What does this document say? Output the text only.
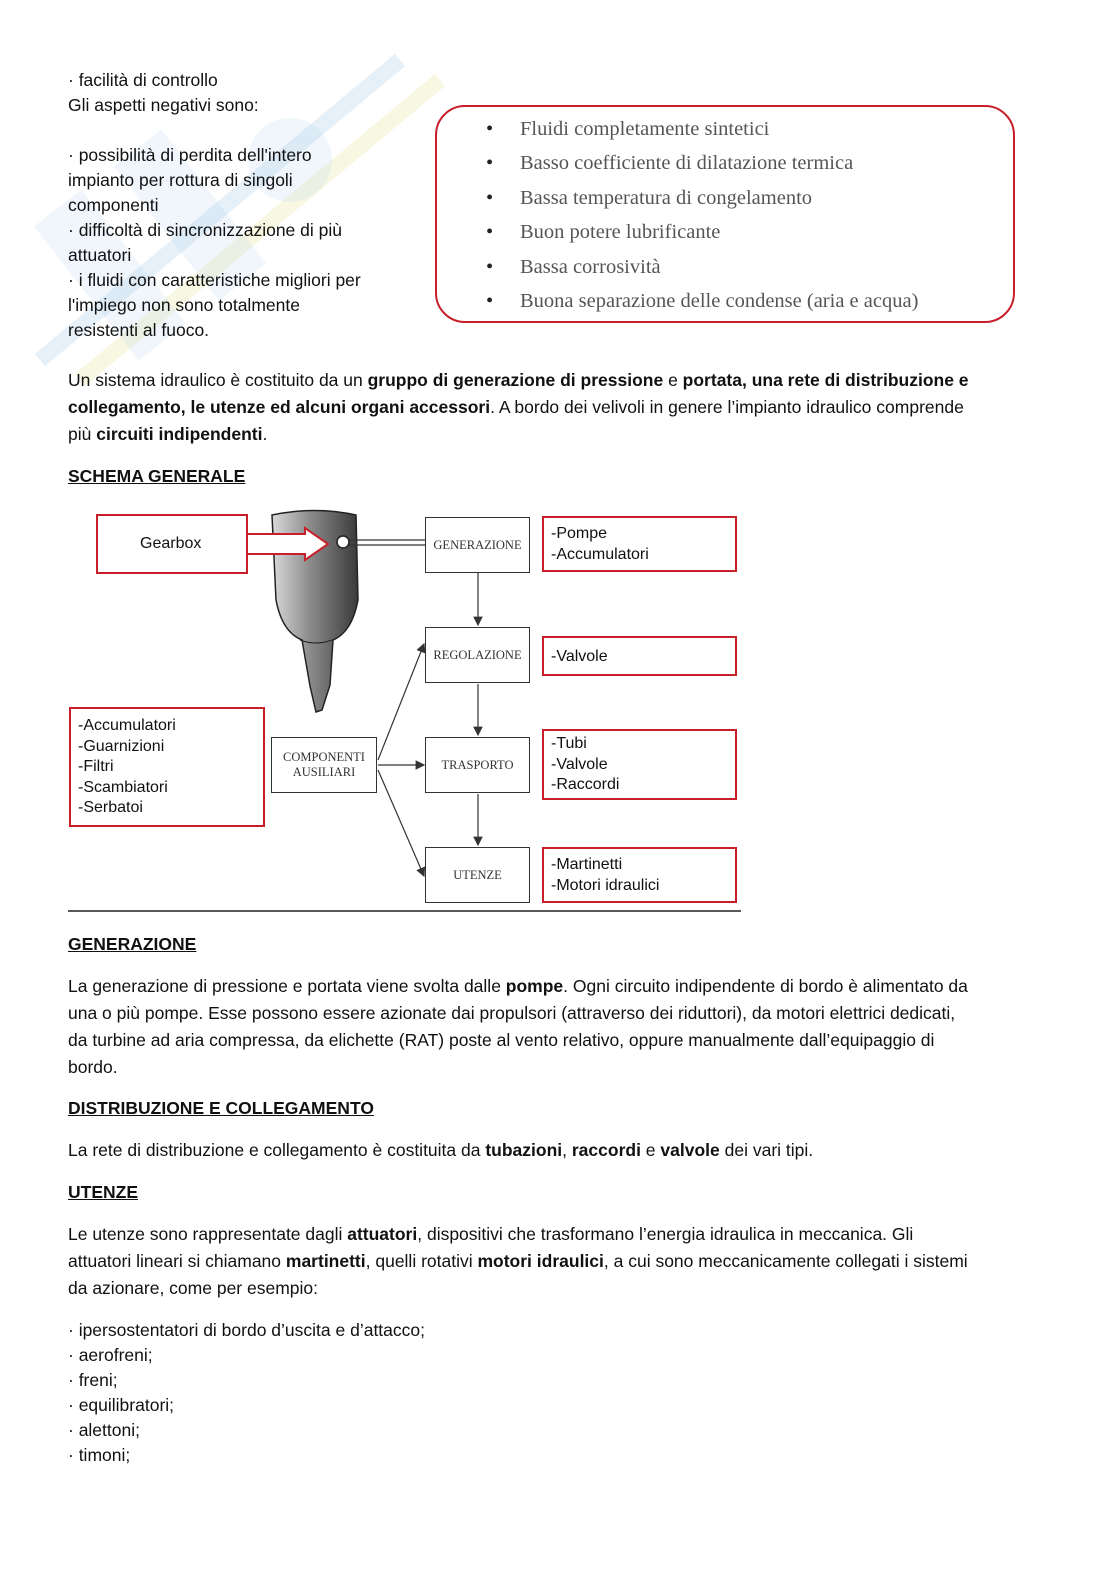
· facilità di controllo
Gli aspetti negativi sono:
· possibilità di perdita dell'intero
impianto per rottura di singoli
componenti
· difficoltà di sincronizzazione di più
attuatori
· i fluidi con caratteristiche migliori per
l'impiego non sono totalmente
resistenti al fuoco.
• Fluidi completamente sintetici
• Basso coefficiente di dilatazione termica
• Bassa temperatura di congelamento
• Buon potere lubrificante
• Bassa corrosività
• Buona separazione delle condense (aria e acqua)
Un sistema idraulico è costituito da un gruppo di generazione di pressione e portata, una rete di distribuzione e
collegamento, le utenze ed alcuni organi accessori. A bordo dei velivoli in genere l’impianto idraulico comprende
più circuiti indipendenti.
SCHEMA GENERALE
Gearbox	GENERAZIONE
REGOLAZIONE
TRASPORTO
UTENZE
COMPONENTI
AUSILIARI
-Pompe
-Accumulatori
-Valvole
-Tubi
-Valvole
-Raccordi
-Martinetti
-Motori idraulici
-Accumulatori
-Guarnizioni
-Filtri
-Scambiatori
-Serbatoi
GENERAZIONE
La generazione di pressione e portata viene svolta dalle pompe. Ogni circuito indipendente di bordo è alimentato da
una o più pompe. Esse possono essere azionate dai propulsori (attraverso dei riduttori), da motori elettrici dedicati,
da turbine ad aria compressa, da elichette (RAT) poste al vento relativo, oppure manualmente dall’equipaggio di
bordo.
DISTRIBUZIONE E COLLEGAMENTO
La rete di distribuzione e collegamento è costituita da tubazioni, raccordi e valvole dei vari tipi.
UTENZE
Le utenze sono rappresentate dagli attuatori, dispositivi che trasformano l’energia idraulica in meccanica. Gli
attuatori lineari si chiamano martinetti, quelli rotativi motori idraulici, a cui sono meccanicamente collegati i sistemi
da azionare, come per esempio:
· ipersostentatori di bordo d’uscita e d’attacco;
· aerofreni;
· freni;
· equilibratori;
· alettoni;
· timoni;
